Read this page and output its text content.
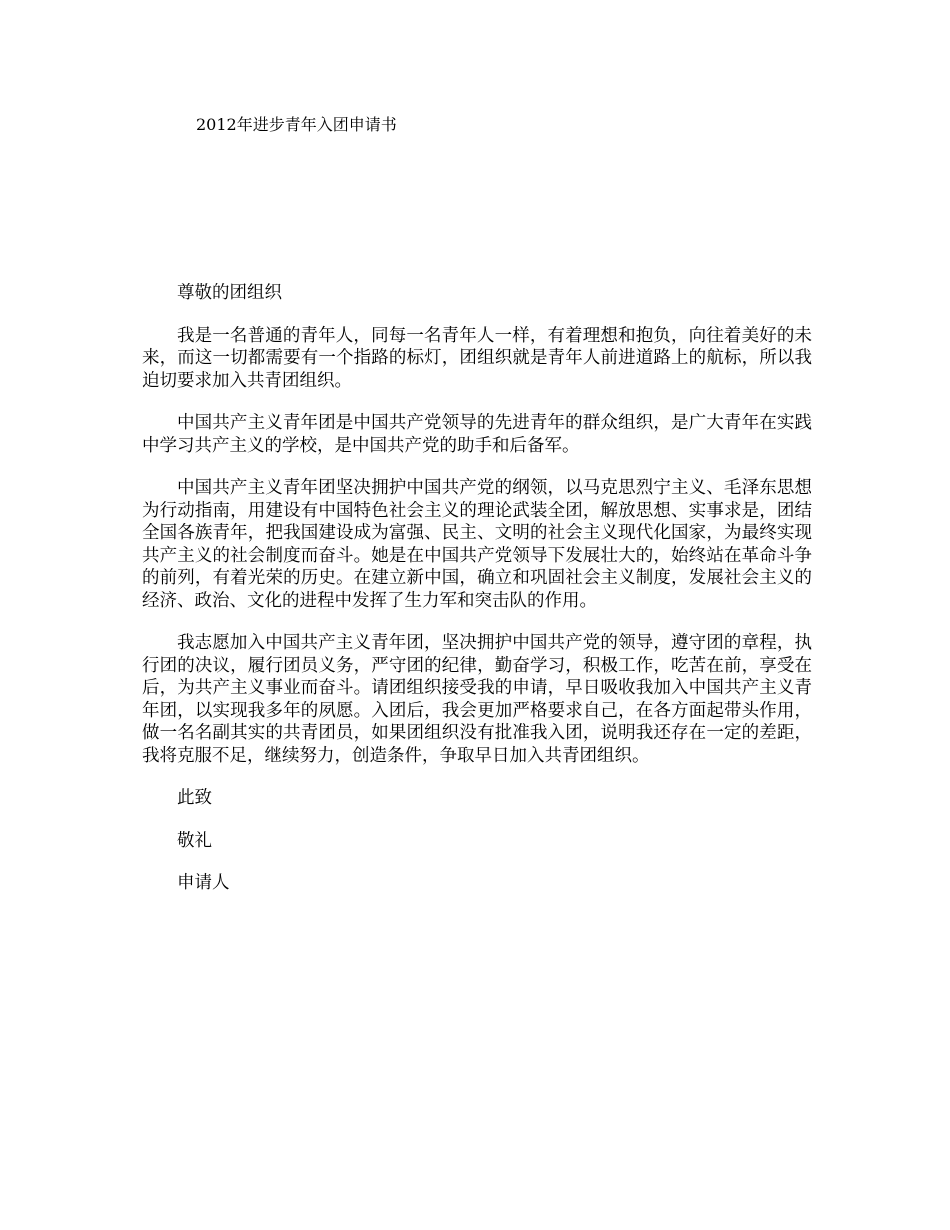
2012年进步青年入团申请书

尊敬的团组织

我是一名普通的青年人，同每一名青年人一样，有着理想和抱负，向往着美好的未来，而这一切都需要有一个指路的标灯，团组织就是青年人前进道路上的航标，所以我迫切要求加入共青团组织。

中国共产主义青年团是中国共产党领导的先进青年的群众组织，是广大青年在实践中学习共产主义的学校，是中国共产党的助手和后备军。

中国共产主义青年团坚决拥护中国共产党的纲领，以马克思烈宁主义、毛泽东思想为行动指南，用建设有中国特色社会主义的理论武装全团，解放思想、实事求是，团结全国各族青年，把我国建设成为富强、民主、文明的社会主义现代化国家，为最终实现共产主义的社会制度而奋斗。她是在中国共产党领导下发展壮大的，始终站在革命斗争的前列，有着光荣的历史。在建立新中国，确立和巩固社会主义制度，发展社会主义的经济、政治、文化的进程中发挥了生力军和突击队的作用。

我志愿加入中国共产主义青年团，坚决拥护中国共产党的领导，遵守团的章程，执行团的决议，履行团员义务，严守团的纪律，勤奋学习，积极工作，吃苦在前，享受在后，为共产主义事业而奋斗。请团组织接受我的申请，早日吸收我加入中国共产主义青年团，以实现我多年的夙愿。入团后，我会更加严格要求自己，在各方面起带头作用，做一名名副其实的共青团员，如果团组织没有批准我入团，说明我还存在一定的差距，我将克服不足，继续努力，创造条件，争取早日加入共青团组织。

此致

敬礼

申请人
